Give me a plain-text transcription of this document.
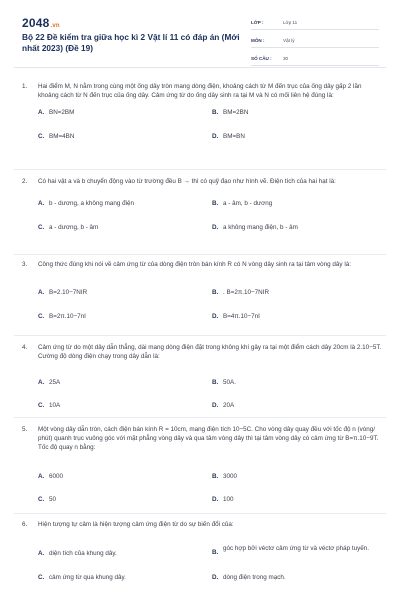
2048.vn
Bộ 22 Đề kiểm tra giữa học kì 2 Vật lí 11 có đáp án (Mới nhất 2023) (Đề 19)
LỚP :	Lớp 11
MÔN :	Vật lý
SỐ CÂU :	30
1.	Hai điểm M, N nằm trong cùng một ống dây tròn mang dòng điện, khoảng cách từ M đến trục của ống dây gấp 2 lần khoảng cách từ N đến trục của ống dây. Cảm ứng từ do ống dây sinh ra tại M và N có mối liên hệ đúng là:
A. BN=2BM	B. BM=2BN
C. BM=4BN	D. BM=BN
2.	Có hai vật a và b chuyển động vào từ trường đều B → thì có quỹ đạo như hình vẽ. Điện tích của hai hạt là:
A. b - dương, a không mang điện	B. a - âm, b - dương
C. a - dương, b - âm	D. a không mang điện, b - âm
3.	Công thức đúng khi nói về cảm ứng từ của dòng điện tròn bán kính R có N vòng dây sinh ra tại tâm vòng dây là:
A. B=2.10−7NIR	B. . B=2π.10−7NIR
C. B=2π.10−7nI	D. B=4π.10−7nI
4.	Cảm ứng từ do một dây dẫn thẳng, dài mang dòng điện đặt trong không khí gây ra tại một điểm cách dây 20cm là 2.10−5T. Cường độ dòng điện chạy trong dây dẫn là:
A. 25A	B. 50A.
C. 10A	D. 20A
5.	Một vòng dây dẫn tròn, cách điện bán kính R = 10cm, mang điện tích 10−5C. Cho vòng dây quay đều với tốc độ n (vòng/ phút) quanh trục vuông góc với mặt phẳng vòng dây và qua tâm vòng dây thì tại tâm vòng dây có cảm ứng từ B=π.10−9T. Tốc độ quay n bằng:
A. 6000	B. 3000
C. 50	D. 100
6.	Hiện tượng tự cảm là hiện tượng cảm ứng điện từ do sự biến đổi của:
A. diện tích của khung dây.	B.
góc hợp bởi véctơ cảm ứng từ và véctơ pháp tuyến.
C. cảm ứng từ qua khung dây.	D. dòng điện trong mạch.
